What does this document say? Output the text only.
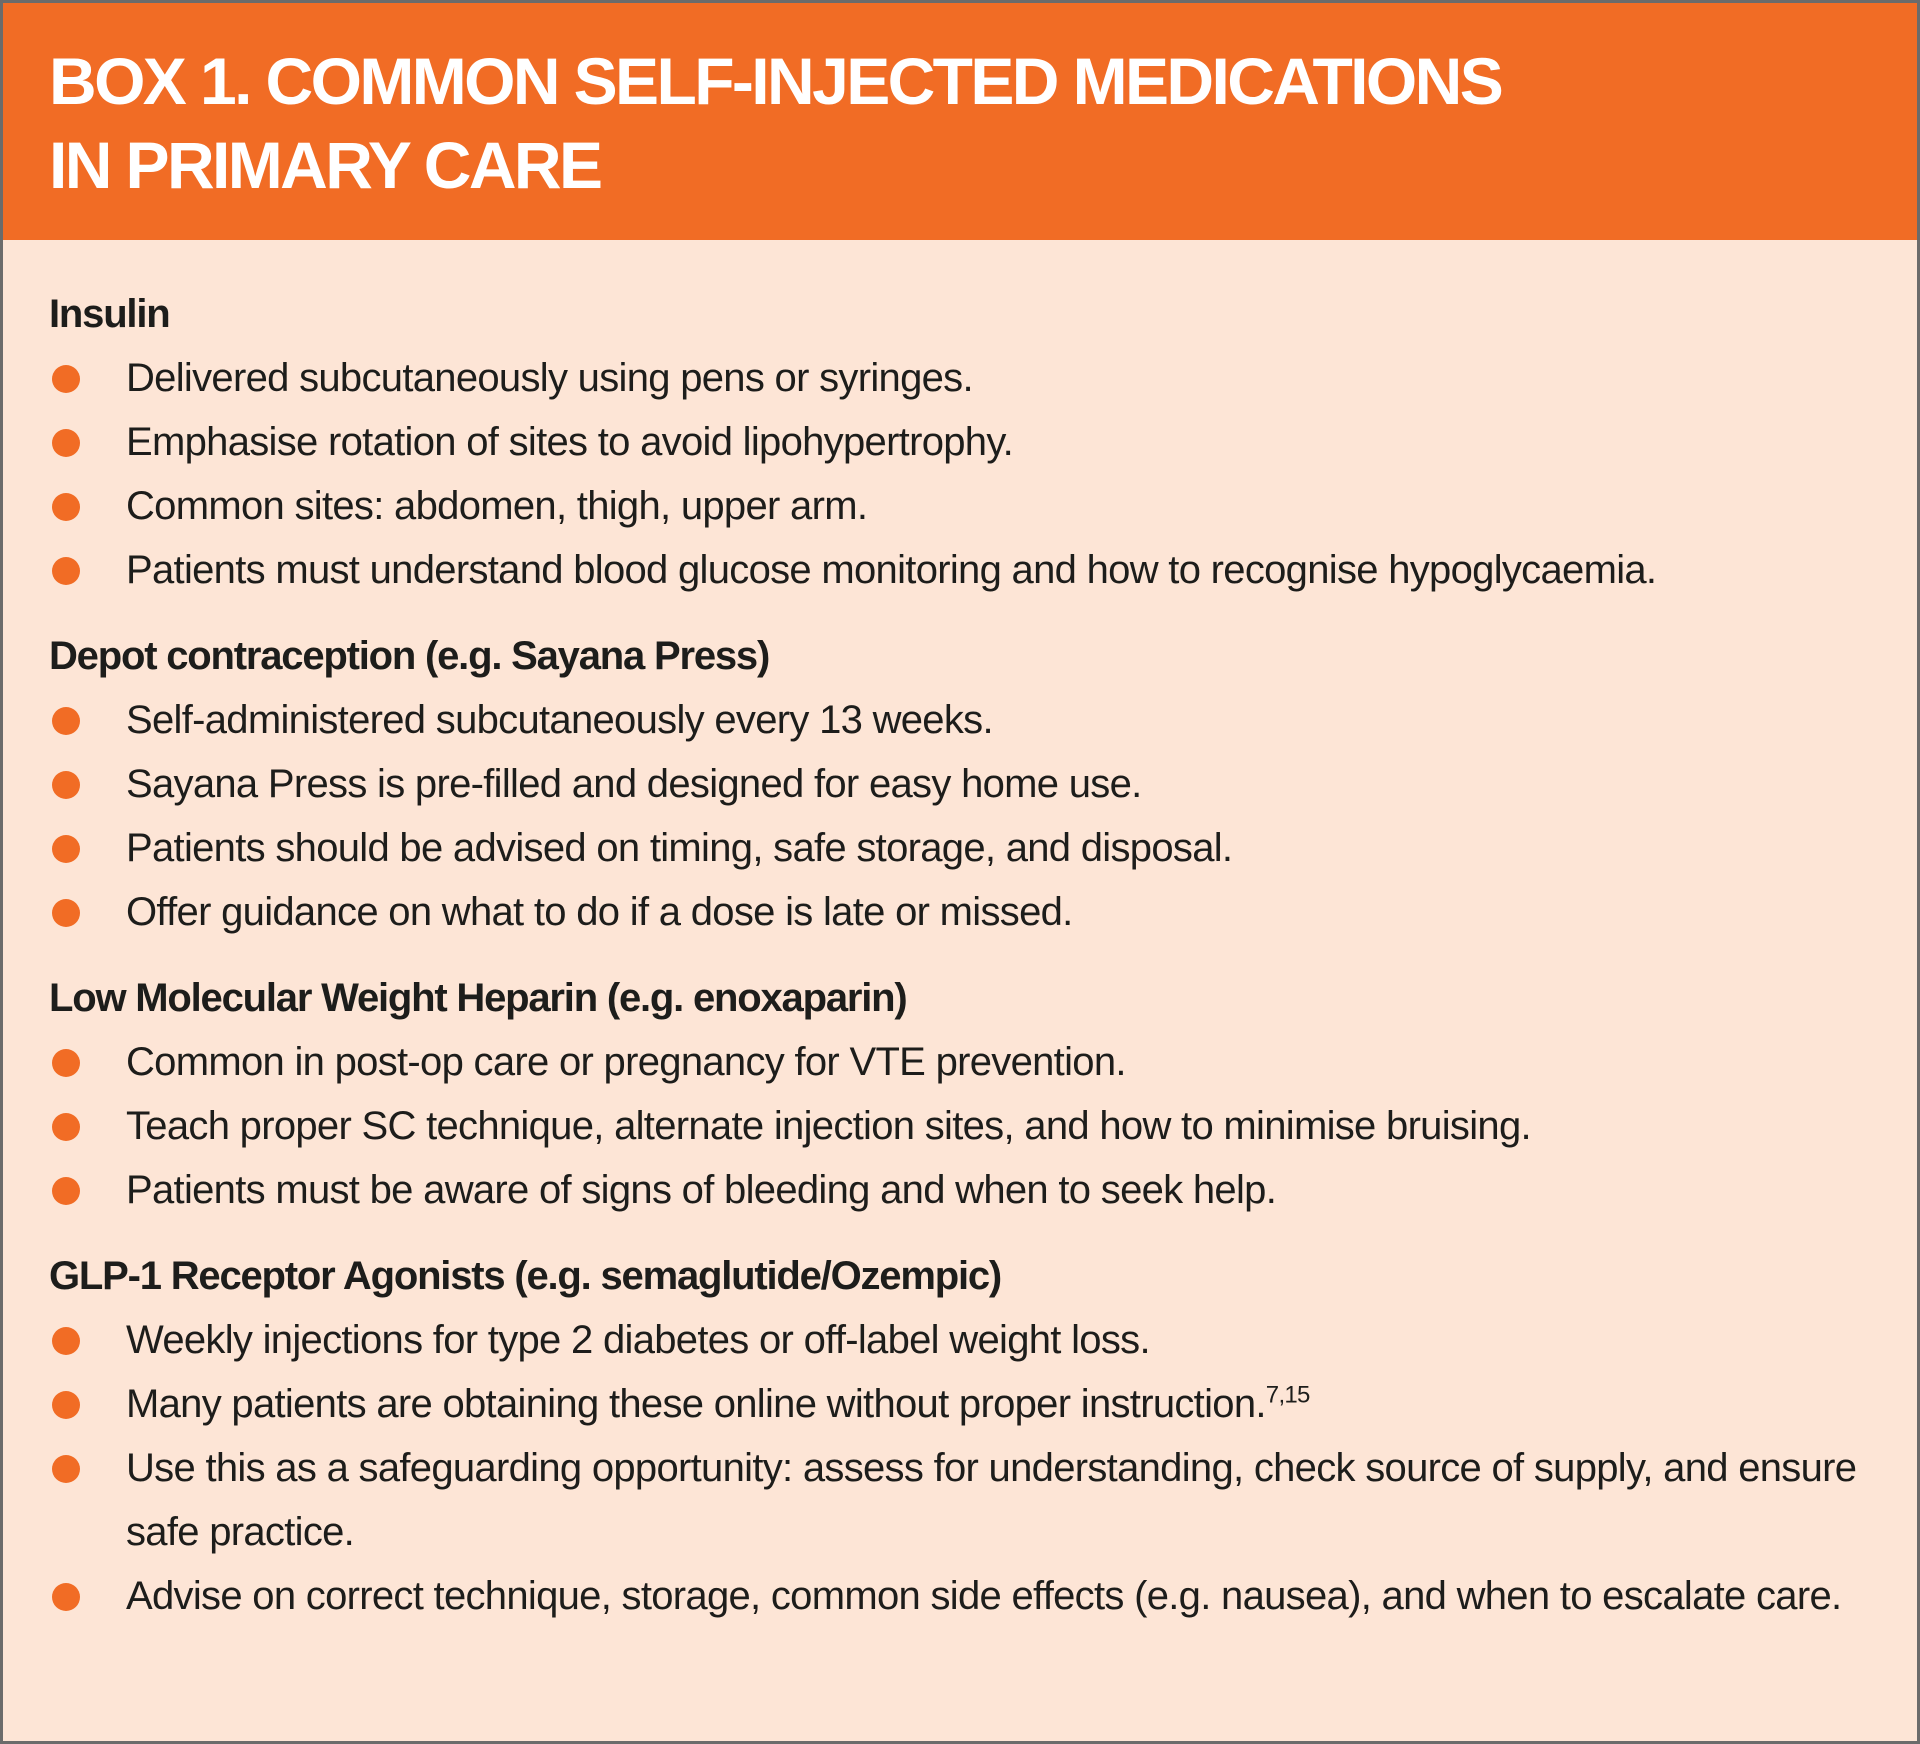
BOX 1. COMMON SELF-INJECTED MEDICATIONS
IN PRIMARY CARE
Insulin
Delivered subcutaneously using pens or syringes.
Emphasise rotation of sites to avoid lipohypertrophy.
Common sites: abdomen, thigh, upper arm.
Patients must understand blood glucose monitoring and how to recognise hypoglycaemia.
Depot contraception (e.g. Sayana Press)
Self-administered subcutaneously every 13 weeks.
Sayana Press is pre-filled and designed for easy home use.
Patients should be advised on timing, safe storage, and disposal.
Offer guidance on what to do if a dose is late or missed.
Low Molecular Weight Heparin (e.g. enoxaparin)
Common in post-op care or pregnancy for VTE prevention.
Teach proper SC technique, alternate injection sites, and how to minimise bruising.
Patients must be aware of signs of bleeding and when to seek help.
GLP-1 Receptor Agonists (e.g. semaglutide/Ozempic)
Weekly injections for type 2 diabetes or off-label weight loss.
Many patients are obtaining these online without proper instruction.$^{7,15}$
Use this as a safeguarding opportunity: assess for understanding, check source of supply, and ensure safe practice.
Advise on correct technique, storage, common side effects (e.g. nausea), and when to escalate care.
